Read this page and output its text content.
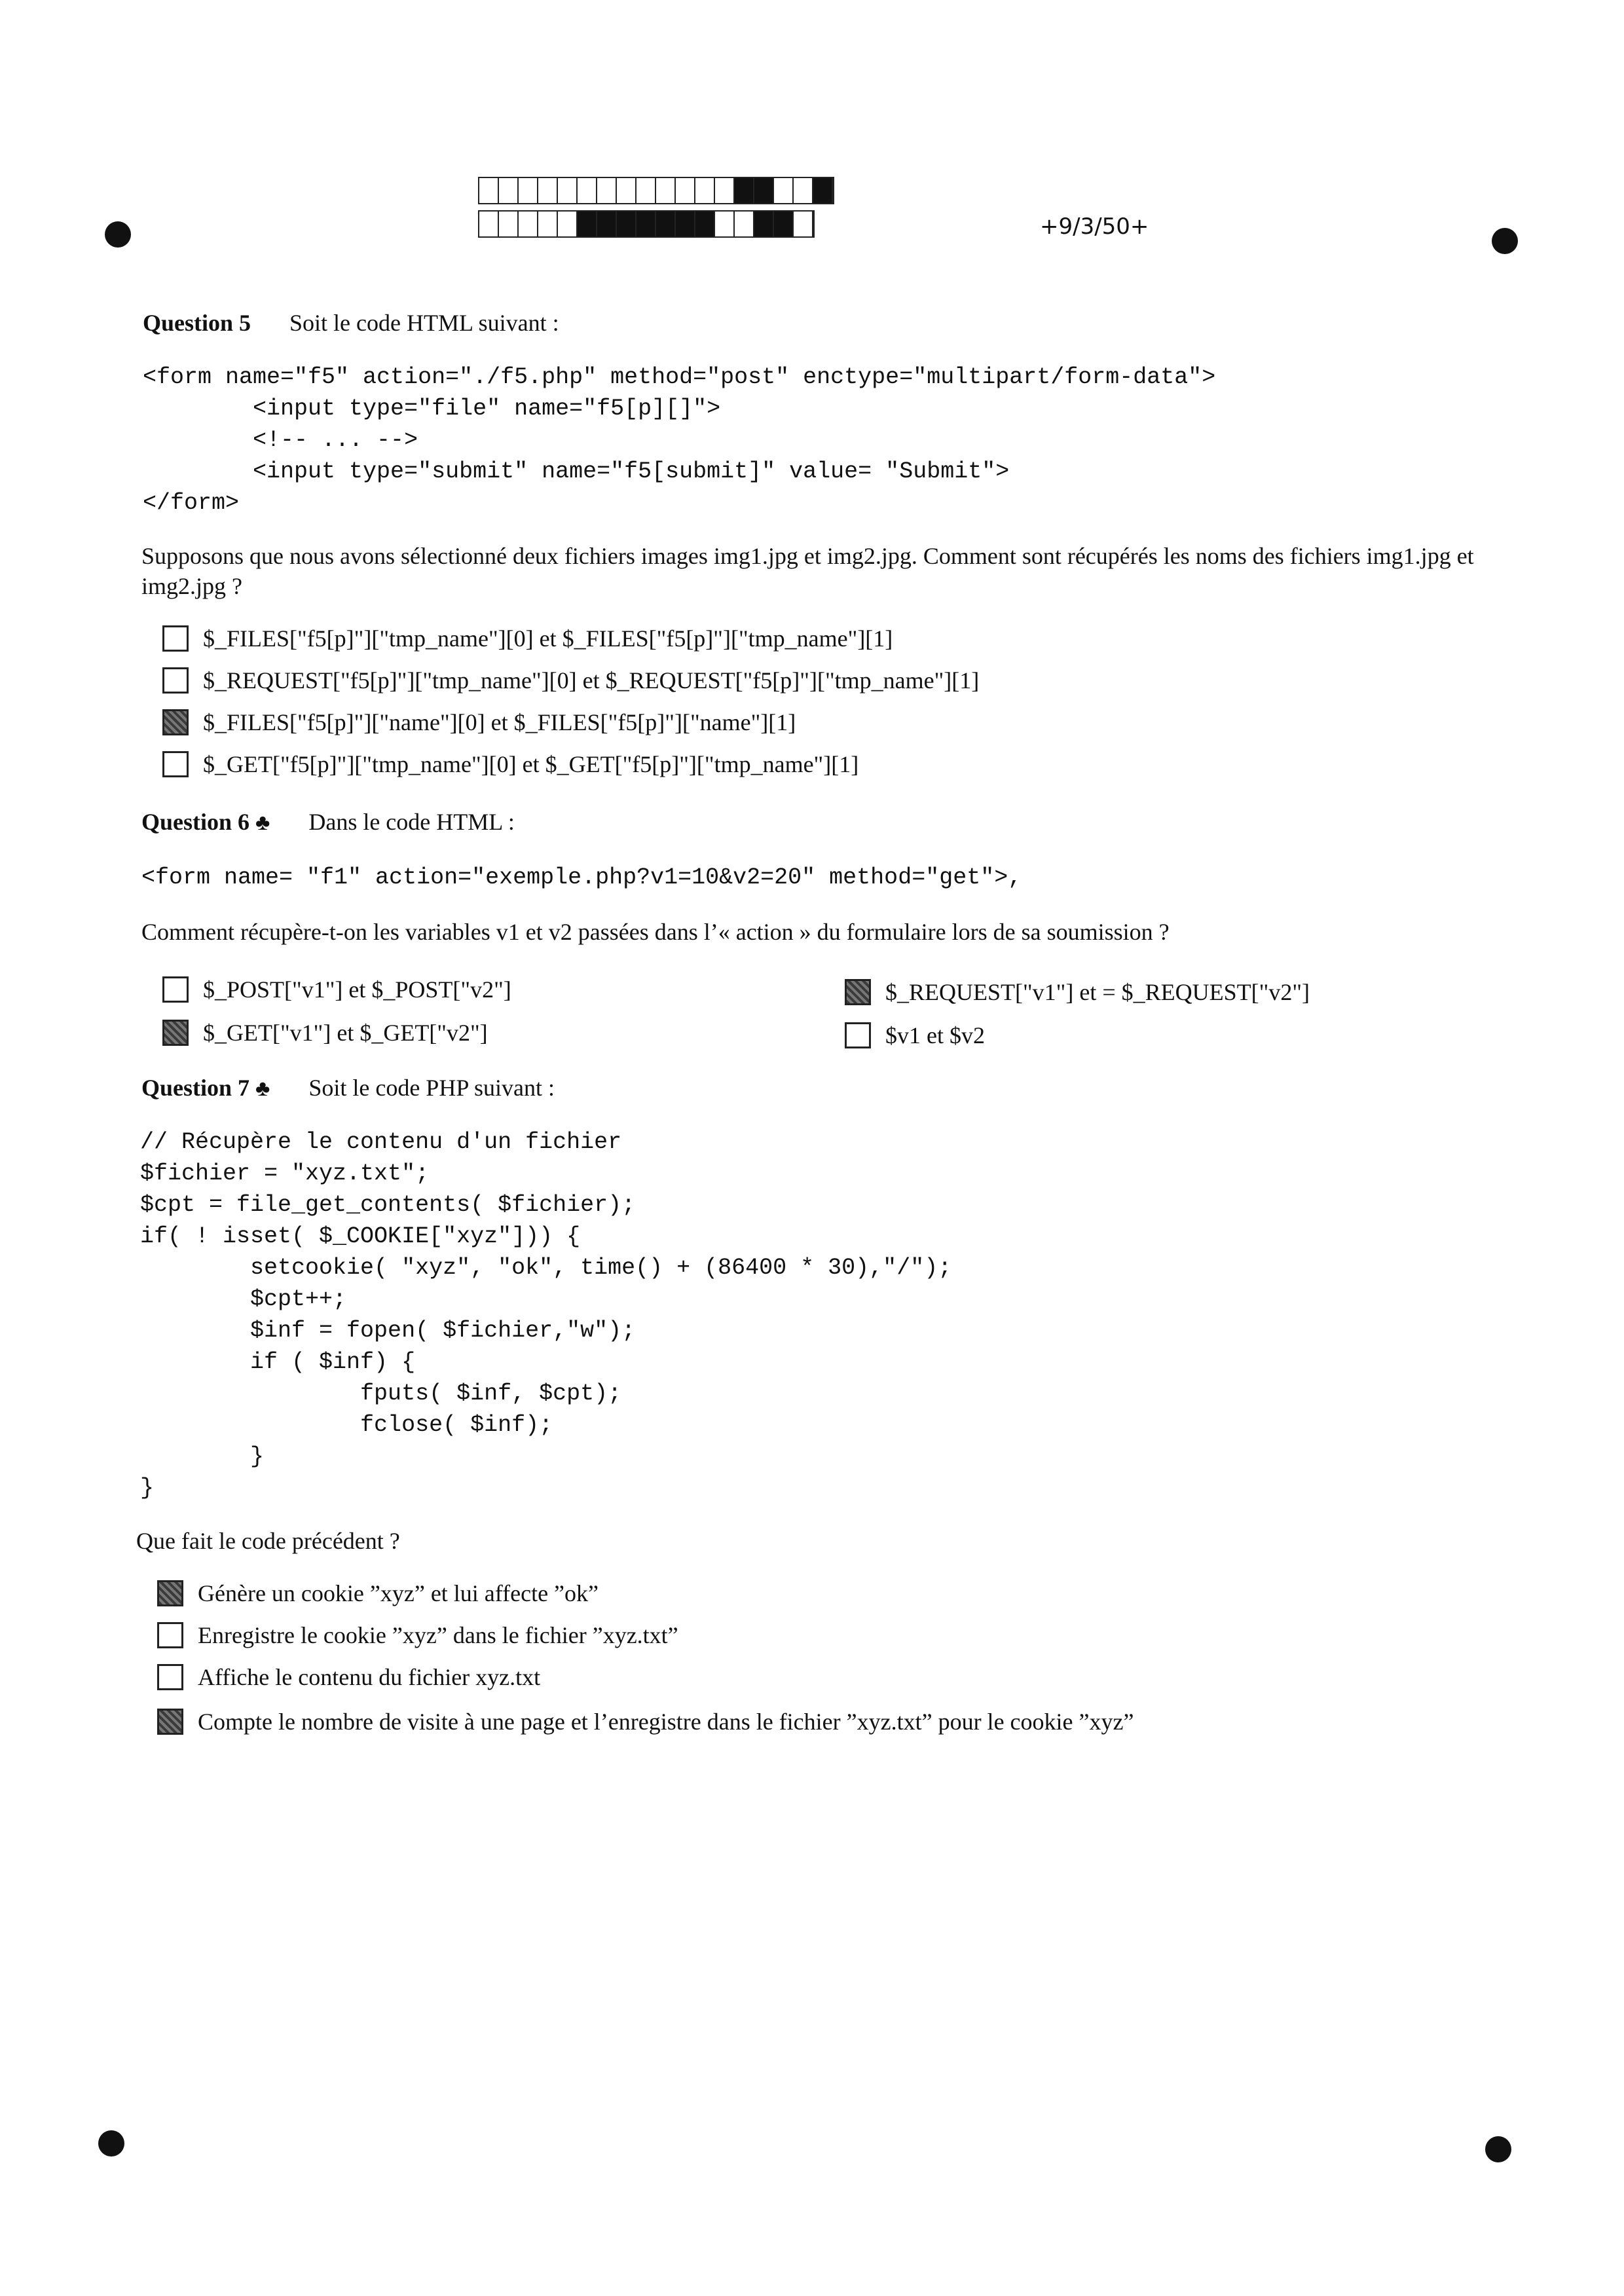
+9/3/50+
Question 5 Soit le code HTML suivant :
<form name="f5" action="./f5.php" method="post" enctype="multipart/form-data">
<input type="file" name="f5[p][]">
<!-- ... -->
<input type="submit" name="f5[submit]" value= "Submit">
</form>
Supposons que nous avons sélectionné deux fichiers images img1.jpg et img2.jpg. Comment sont récupérés les noms des fichiers img1.jpg et img2.jpg ?
$_FILES["f5[p]"]["tmp_name"][0] et $_FILES["f5[p]"]["tmp_name"][1]
$_REQUEST["f5[p]"]["tmp_name"][0] et $_REQUEST["f5[p]"]["tmp_name"][1]
$_FILES["f5[p]"]["name"][0] et $_FILES["f5[p]"]["name"][1]
$_GET["f5[p]"]["tmp_name"][0] et $_GET["f5[p]"]["tmp_name"][1]
Question 6 ♣ Dans le code HTML :
<form name= "f1" action="exemple.php?v1=10&v2=20" method="get">,
Comment récupère-t-on les variables v1 et v2 passées dans l’« action » du formulaire lors de sa soumission ?
$_POST["v1"] et $_POST["v2"]
$_GET["v1"] et $_GET["v2"]
$_REQUEST["v1"] et = $_REQUEST["v2"]
$v1 et $v2
Question 7 ♣ Soit le code PHP suivant :
// Récupère le contenu d'un fichier
$fichier = "xyz.txt";
$cpt = file_get_contents( $fichier);
if( ! isset( $_COOKIE["xyz"])) {
setcookie( "xyz", "ok", time() + (86400 * 30),"/");
$cpt++;
$inf = fopen( $fichier,"w");
if ( $inf) {
fputs( $inf, $cpt);
fclose( $inf);
}
}
Que fait le code précédent ?
Génère un cookie ”xyz” et lui affecte ”ok”
Enregistre le cookie ”xyz” dans le fichier ”xyz.txt”
Affiche le contenu du fichier xyz.txt
Compte le nombre de visite à une page et l’enregistre dans le fichier ”xyz.txt” pour le cookie ”xyz”
